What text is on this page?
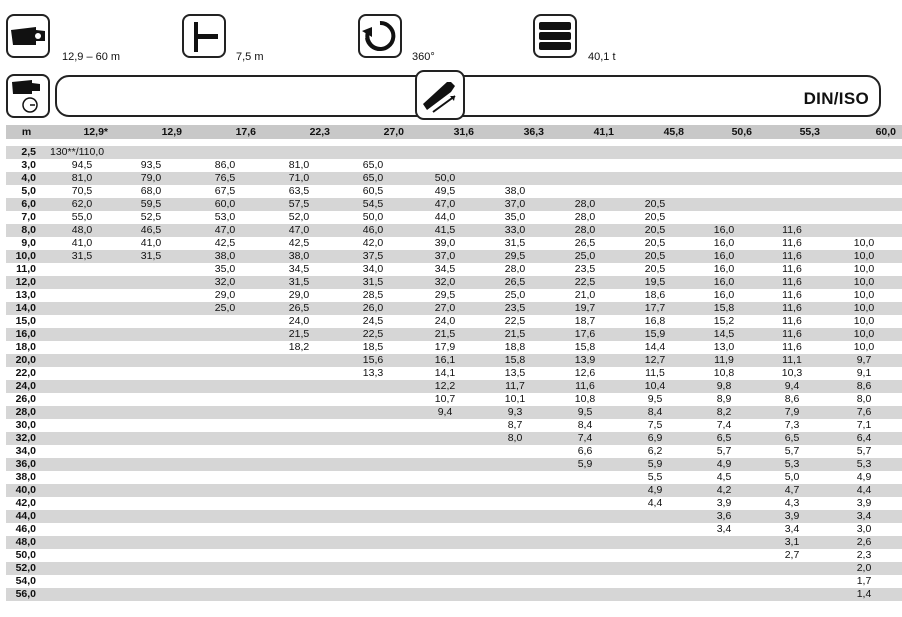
12,9 – 60 m	7,5 m	360°	40,1 t
DIN/ISO
m	12,9*	12,9	17,6	22,3	27,0	31,6	36,3	41,1	45,8	50,6	55,3	60,0

2,5	130**/110,0											
3,0	94,5	93,5	86,0	81,0	65,0							
4,0	81,0	79,0	76,5	71,0	65,0	50,0						
5,0	70,5	68,0	67,5	63,5	60,5	49,5	38,0					
6,0	62,0	59,5	60,0	57,5	54,5	47,0	37,0	28,0	20,5			
7,0	55,0	52,5	53,0	52,0	50,0	44,0	35,0	28,0	20,5			
8,0	48,0	46,5	47,0	47,0	46,0	41,5	33,0	28,0	20,5	16,0	11,6	
9,0	41,0	41,0	42,5	42,5	42,0	39,0	31,5	26,5	20,5	16,0	11,6	10,0
10,0	31,5	31,5	38,0	38,0	37,5	37,0	29,5	25,0	20,5	16,0	11,6	10,0
11,0			35,0	34,5	34,0	34,5	28,0	23,5	20,5	16,0	11,6	10,0
12,0			32,0	31,5	31,5	32,0	26,5	22,5	19,5	16,0	11,6	10,0
13,0			29,0	29,0	28,5	29,5	25,0	21,0	18,6	16,0	11,6	10,0
14,0			25,0	26,5	26,0	27,0	23,5	19,7	17,7	15,8	11,6	10,0
15,0				24,0	24,5	24,0	22,5	18,7	16,8	15,2	11,6	10,0
16,0				21,5	22,5	21,5	21,5	17,6	15,9	14,5	11,6	10,0
18,0				18,2	18,5	17,9	18,8	15,8	14,4	13,0	11,6	10,0
20,0					15,6	16,1	15,8	13,9	12,7	11,9	11,1	9,7
22,0					13,3	14,1	13,5	12,6	11,5	10,8	10,3	9,1
24,0						12,2	11,7	11,6	10,4	9,8	9,4	8,6
26,0						10,7	10,1	10,8	9,5	8,9	8,6	8,0
28,0						9,4	9,3	9,5	8,4	8,2	7,9	7,6
30,0							8,7	8,4	7,5	7,4	7,3	7,1
32,0							8,0	7,4	6,9	6,5	6,5	6,4
34,0								6,6	6,2	5,7	5,7	5,7
36,0								5,9	5,9	4,9	5,3	5,3
38,0									5,5	4,5	5,0	4,9
40,0									4,9	4,2	4,7	4,4
42,0									4,4	3,9	4,3	3,9
44,0										3,6	3,9	3,4
46,0										3,4	3,4	3,0
48,0											3,1	2,6
50,0											2,7	2,3
52,0												2,0
54,0												1,7
56,0												1,4
